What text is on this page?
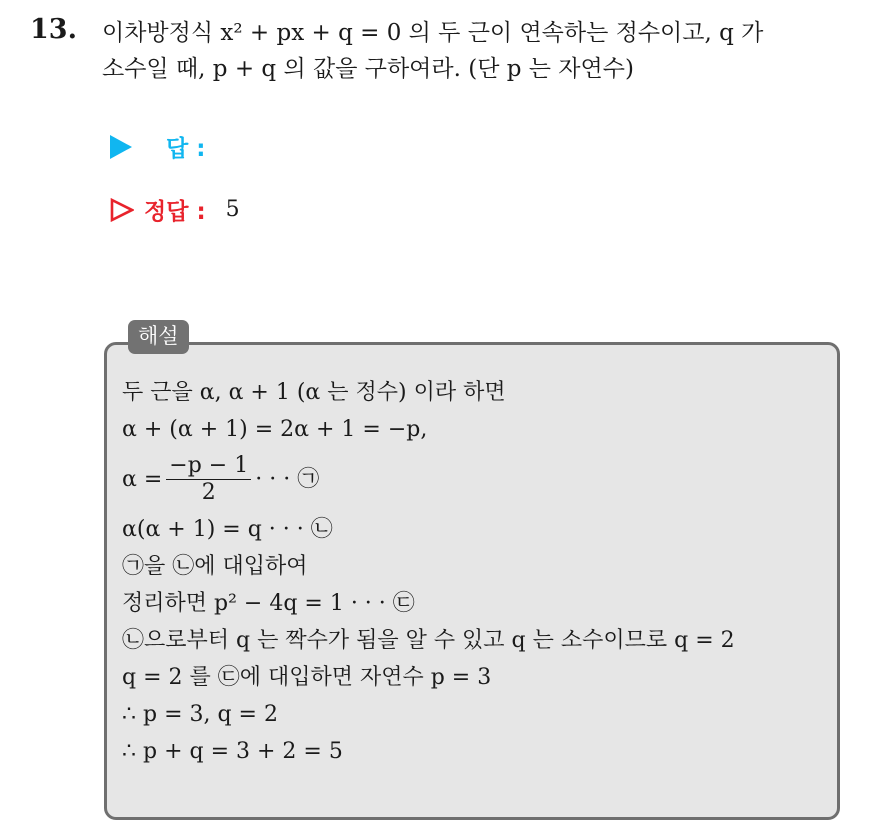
13. 이차방정식 x² + px + q = 0 의 두 근이 연속하는 정수이고, q 가
소수일 때, p + q 의 값을 구하여라. (단 p 는 자연수)
답 :
정답 : 5
해설
두 근을 α, α + 1 (α 는 정수) 이라 하면
α + (α + 1) = 2α + 1 = −p,
$\alpha = \frac{-p - 1}{2}$ · · · ㉠
α(α + 1) = q · · · ㉡
㉠을 ㉡에 대입하여
정리하면 p² − 4q = 1 · · · ㉢
㉡으로부터 q 는 짝수가 됨을 알 수 있고 q 는 소수이므로 q = 2
q = 2 를 ㉢에 대입하면 자연수 p = 3
∴ p = 3, q = 2
∴ p + q = 3 + 2 = 5
